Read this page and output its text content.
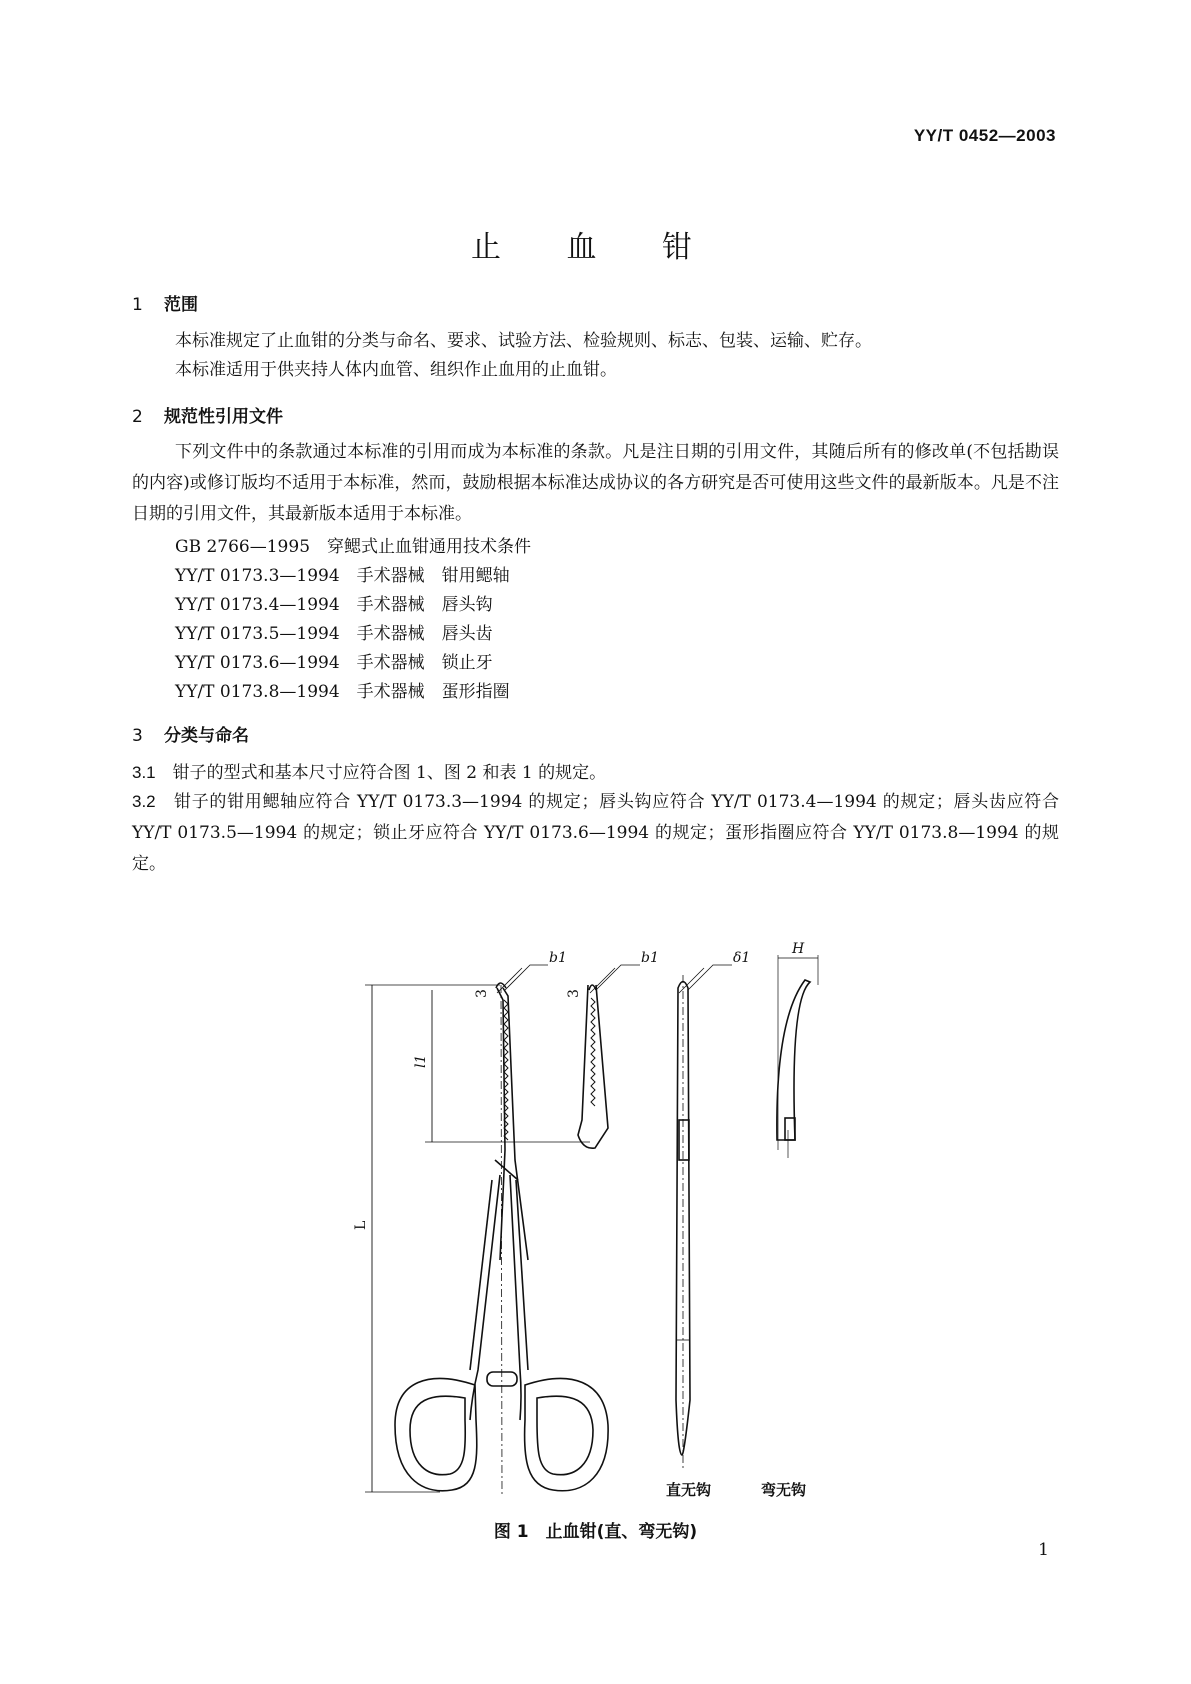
YY/T 0452—2003
止 血 钳
1 范围
本标准规定了止血钳的分类与命名、要求、试验方法、检验规则、标志、包装、运输、贮存。
本标准适用于供夹持人体内血管、组织作止血用的止血钳。
2 规范性引用文件
下列文件中的条款通过本标准的引用而成为本标准的条款。凡是注日期的引用文件，其随后所有的修改单(不包括勘误的内容)或修订版均不适用于本标准，然而，鼓励根据本标准达成协议的各方研究是否可使用这些文件的最新版本。凡是不注日期的引用文件，其最新版本适用于本标准。
GB 2766—1995　穿鳃式止血钳通用技术条件
YY/T 0173.3—1994　手术器械　钳用鳃轴
YY/T 0173.4—1994　手术器械　唇头钩
YY/T 0173.5—1994　手术器械　唇头齿
YY/T 0173.6—1994　手术器械　锁止牙
YY/T 0173.8—1994　手术器械　蛋形指圈
3 分类与命名
3.1　 钳子的型式和基本尺寸应符合图 1、图 2 和表 1 的规定。
3.2　 钳子的钳用鳃轴应符合 YY/T 0173.3—1994 的规定；唇头钩应符合 YY/T 0173.4—1994 的规定；唇头齿应符合 YY/T 0173.5—1994 的规定；锁止牙应符合 YY/T 0173.6—1994 的规定；蛋形指圈应符合 YY/T 0173.8—1994 的规定。
b1	b1	δ1
H
l1
3	3
L
直无钩	弯无钩
图 1　止血钳(直、弯无钩)
1
